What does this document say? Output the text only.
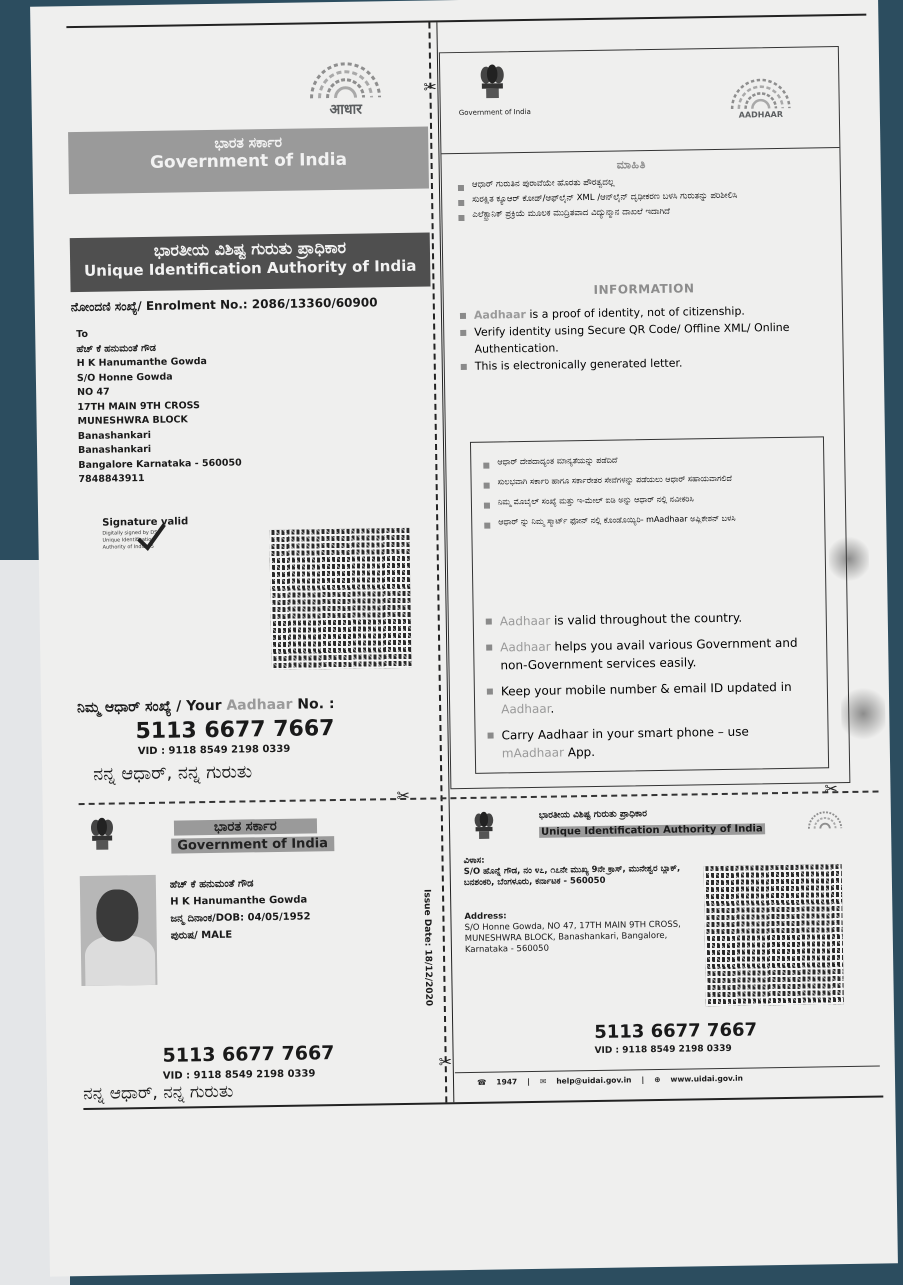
✂
✂
✂	✂
आधार
ಭಾರತ ಸರ್ಕಾರ
Government of India
ಭಾರತೀಯ ವಿಶಿಷ್ಟ ಗುರುತು ಪ್ರಾಧಿಕಾರ
Unique Identification Authority of India
ನೋಂದಣಿ ಸಂಖ್ಯೆ/ Enrolment No.: 2086/13360/60900
To
ಹೆಚ್ ಕೆ ಹನುಮಂತೆ ಗೌಡ
H K Hanumanthe Gowda
S/O Honne Gowda
NO 47
17TH MAIN 9TH CROSS
MUNESHWRA BLOCK
Banashankari
Banashankari
Bangalore Karnataka - 560050
7848843911
Signature valid
Digitally signed by DS Unique Identification Authority of India 05
ನಿಮ್ಮ ಆಧಾರ್ ಸಂಖ್ಯೆ / Your Aadhaar No. :
5113 6677 7667
VID : 9118 8549 2198 0339
ನನ್ನ ಆಧಾರ್, ನನ್ನ ಗುರುತು
ಭಾರತ ಸರ್ಕಾರ
Government of India
ಹೆಚ್ ಕೆ ಹನುಮಂತೆ ಗೌಡ
H K Hanumanthe Gowda
ಜನ್ಮ ದಿನಾಂಕ/DOB: 04/05/1952
ಪುರುಷ/ MALE	Issue Date: 18/12/2020
5113 6677 7667
VID : 9118 8549 2198 0339
ನನ್ನ ಆಧಾರ್, ನನ್ನ ಗುರುತು
Government of India	AADHAAR
ಮಾಹಿತಿ
ಆಧಾರ್ ಗುರುತಿನ ಪುರಾವೆಯೇ ಹೊರತು ಪೌರತ್ವದಲ್ಲ
ಸುರಕ್ಷಿತ ಕ್ಯೂಆರ್ ಕೋಡ್/ಆಫ್‌ಲೈನ್ XML /ಆನ್‌ಲೈನ್ ದೃಢೀಕರಣ ಬಳಸಿ ಗುರುತನ್ನು ಪರಿಶೀಲಿಸಿ
ಎಲೆಕ್ಟ್ರಾನಿಕ್ ಪ್ರಕ್ರಿಯೆ ಮೂಲಕ ಮುದ್ರಿತವಾದ ವಿದ್ಯುನ್ಮಾನ ದಾಖಲೆ ಇದಾಗಿದೆ
INFORMATION
Aadhaar is a proof of identity, not of citizenship.
Verify identity using Secure QR Code/ Offline XML/ Online Authentication.
This is electronically generated letter.
ಆಧಾರ್ ದೇಶದಾದ್ಯಂತ ಮಾನ್ಯತೆಯನ್ನು ಪಡೆದಿದೆ
ಸುಲಭವಾಗಿ ಸರ್ಕಾರಿ ಹಾಗೂ ಸರ್ಕಾರೇತರ ಸೇವೆಗಳನ್ನು ಪಡೆಯಲು ಆಧಾರ್ ಸಹಾಯವಾಗಲಿದೆ
ನಿಮ್ಮ ಮೊಬೈಲ್ ಸಂಖ್ಯೆ ಮತ್ತು ಇ-ಮೇಲ್ ಐಡಿ ಅನ್ನು ಆಧಾರ್ ನಲ್ಲಿ ನವೀಕರಿಸಿ
ಆಧಾರ್ ನ್ನು ನಿಮ್ಮ ಸ್ಮಾರ್ಟ್ ಫೋನ್ ನಲ್ಲಿ ಕೊಂಡೊಯ್ಯಿರಿ- mAadhaar ಅಪ್ಲಿಕೇಶನ್ ಬಳಸಿ
Aadhaar is valid throughout the country.
Aadhaar helps you avail various Government and non-Government services easily.
Keep your mobile number & email ID updated in Aadhaar.
Carry Aadhaar in your smart phone – use mAadhaar App.
ಭಾರತೀಯ ವಿಶಿಷ್ಟ ಗುರುತು ಪ್ರಾಧಿಕಾರ
Unique Identification Authority of India
ವಿಳಾಸ:
S/O ಹೊನ್ನೆ ಗೌಡ, ನಂ ೪೭, ೧೭ನೇ ಮುಖ್ಯ 9ನೇ ಕ್ರಾಸ್, ಮುನೇಶ್ವರ ಬ್ಲಾಕ್, ಬನಶಂಕರಿ, ಬೆಂಗಳೂರು, ಕರ್ನಾಟಕ - 560050
Address:
S/O Honne Gowda, NO 47, 17TH MAIN 9TH CROSS, MUNESHWRA BLOCK, Banashankari, Bangalore, Karnataka - 560050
5113 6677 7667
VID : 9118 8549 2198 0339
☎ 1947 | ✉ help@uidai.gov.in | ⊕ www.uidai.gov.in
